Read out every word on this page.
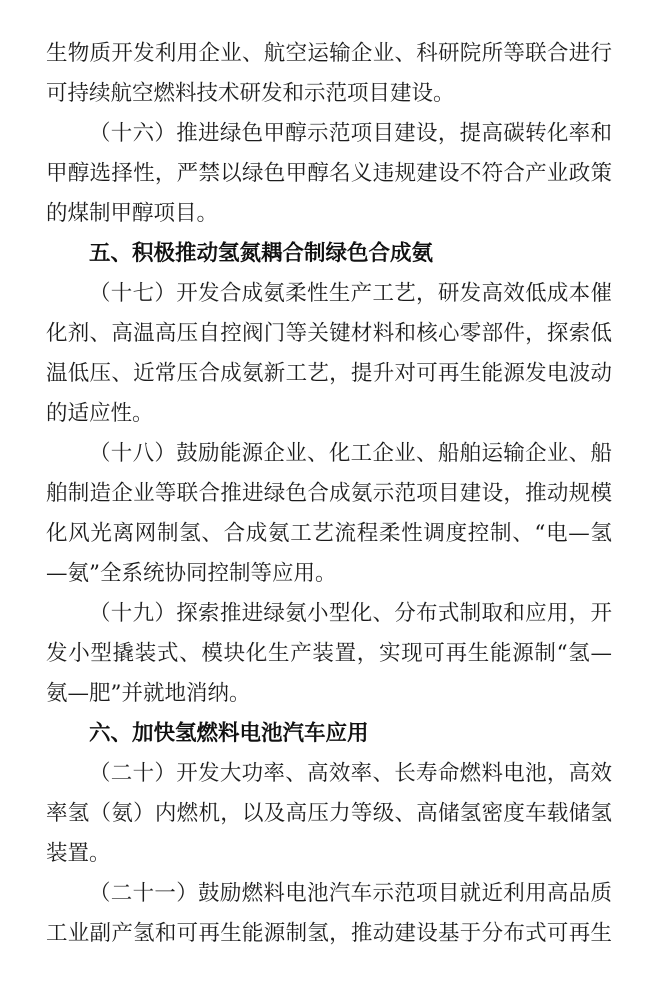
生物质开发利用企业、航空运输企业、科研院所等联合进行
可持续航空燃料技术研发和示范项目建设。
（十六）推进绿色甲醇示范项目建设，提高碳转化率和
甲醇选择性，严禁以绿色甲醇名义违规建设不符合产业政策
的煤制甲醇项目。
五、积极推动氢氮耦合制绿色合成氨
（十七）开发合成氨柔性生产工艺，研发高效低成本催
化剂、高温高压自控阀门等关键材料和核心零部件，探索低
温低压、近常压合成氨新工艺，提升对可再生能源发电波动
的适应性。
（十八）鼓励能源企业、化工企业、船舶运输企业、船
舶制造企业等联合推进绿色合成氨示范项目建设，推动规模
化风光离网制氢、合成氨工艺流程柔性调度控制、“电—氢
—氨”全系统协同控制等应用。
（十九）探索推进绿氨小型化、分布式制取和应用，开
发小型撬装式、模块化生产装置，实现可再生能源制“氢—
氨—肥”并就地消纳。
六、加快氢燃料电池汽车应用
（二十）开发大功率、高效率、长寿命燃料电池，高效
率氢（氨）内燃机，以及高压力等级、高储氢密度车载储氢
装置。
（二十一）鼓励燃料电池汽车示范项目就近利用高品质
工业副产氢和可再生能源制氢，推动建设基于分布式可再生
